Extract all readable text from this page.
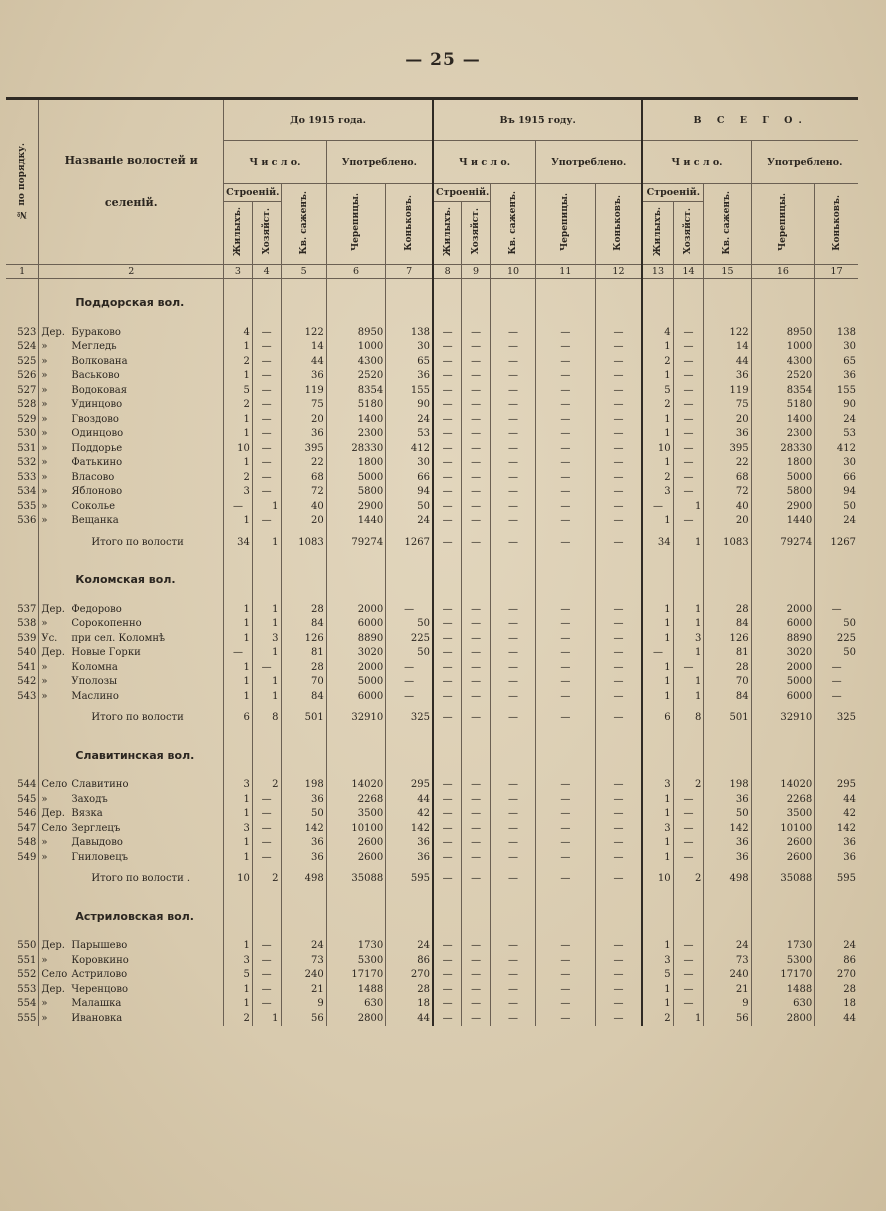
— 25 —
№ по порядку.	Названіе волостей и селеній.	До 1915 года.					Въ 1915 году.					В С Е Г О.				
		Ч и с л о.			Употреблено.		Ч и с л о.			Употреблено.		Ч и с л о.			Употреблено.	
		Строеній.		Кв. саженъ.	Черепицы.	Коньковъ.	Строеній.		Кв. саженъ.	Черепицы.	Коньковъ.	Строеній.		Кв. саженъ.	Черепицы.	Коньковъ.
		Жилыхъ.	Хозяйст.				Жилыхъ.	Хозяйст.				Жилыхъ.	Хозяйст.			
1	2	3	4	5	6	7	8	9	10	11	12	13	14	15	16	17
	Поддорская вол.															

523	Дер. Бураково	4	—	122	8950	138	—	—	—	—	—	4	—	122	8950	138
524	» Мегледь	1	—	14	1000	30	—	—	—	—	—	1	—	14	1000	30
525	» Волкована	2	—	44	4300	65	—	—	—	—	—	2	—	44	4300	65
526	» Васьково	1	—	36	2520	36	—	—	—	—	—	1	—	36	2520	36
527	» Водоковая	5	—	119	8354	155	—	—	—	—	—	5	—	119	8354	155
528	» Удинцово	2	—	75	5180	90	—	—	—	—	—	2	—	75	5180	90
529	» Гвоздово	1	—	20	1400	24	—	—	—	—	—	1	—	20	1400	24
530	» Одинцово	1	—	36	2300	53	—	—	—	—	—	1	—	36	2300	53
531	» Поддорье	10	—	395	28330	412	—	—	—	—	—	10	—	395	28330	412
532	» Фатькино	1	—	22	1800	30	—	—	—	—	—	1	—	22	1800	30
533	» Власово	2	—	68	5000	66	—	—	—	—	—	2	—	68	5000	66
534	» Яблоново	3	—	72	5800	94	—	—	—	—	—	3	—	72	5800	94
535	» Соколье	—	1	40	2900	50	—	—	—	—	—	—	1	40	2900	50
536	» Вещанка	1	—	20	1440	24	—	—	—	—	—	1	—	20	1440	24
	Итого по волости	34	1	1083	79274	1267	—	—	—	—	—	34	1	1083	79274	1267
	Коломская вол.															

537	Дер. Федорово	1	1	28	2000	—	—	—	—	—	—	1	1	28	2000	—
538	» Сорокопенно	1	1	84	6000	50	—	—	—	—	—	1	1	84	6000	50
539	Ус. при сел. Коломнѣ	1	3	126	8890	225	—	—	—	—	—	1	3	126	8890	225
540	Дер. Новые Горки	—	1	81	3020	50	—	—	—	—	—	—	1	81	3020	50
541	» Коломна	1	—	28	2000	—	—	—	—	—	—	1	—	28	2000	—
542	» Уполозы	1	1	70	5000	—	—	—	—	—	—	1	1	70	5000	—
543	» Маслино	1	1	84	6000	—	—	—	—	—	—	1	1	84	6000	—
	Итого по волости	6	8	501	32910	325	—	—	—	—	—	6	8	501	32910	325
	Славитинская вол.															

544	Село Славитино	3	2	198	14020	295	—	—	—	—	—	3	2	198	14020	295
545	» Заходъ	1	—	36	2268	44	—	—	—	—	—	1	—	36	2268	44
546	Дер. Вязка	1	—	50	3500	42	—	—	—	—	—	1	—	50	3500	42
547	Село Зерглецъ	3	—	142	10100	142	—	—	—	—	—	3	—	142	10100	142
548	» Давыдово	1	—	36	2600	36	—	—	—	—	—	1	—	36	2600	36
549	» Гниловецъ	1	—	36	2600	36	—	—	—	—	—	1	—	36	2600	36
	Итого по волости .	10	2	498	35088	595	—	—	—	—	—	10	2	498	35088	595
	Астриловская вол.															

550	Дер. Парышево	1	—	24	1730	24	—	—	—	—	—	1	—	24	1730	24
551	» Коровкино	3	—	73	5300	86	—	—	—	—	—	3	—	73	5300	86
552	Село Астрилово	5	—	240	17170	270	—	—	—	—	—	5	—	240	17170	270
553	Дер. Черенцово	1	—	21	1488	28	—	—	—	—	—	1	—	21	1488	28
554	» Малашка	1	—	9	630	18	—	—	—	—	—	1	—	9	630	18
555	» Ивановка	2	1	56	2800	44	—	—	—	—	—	2	1	56	2800	44
